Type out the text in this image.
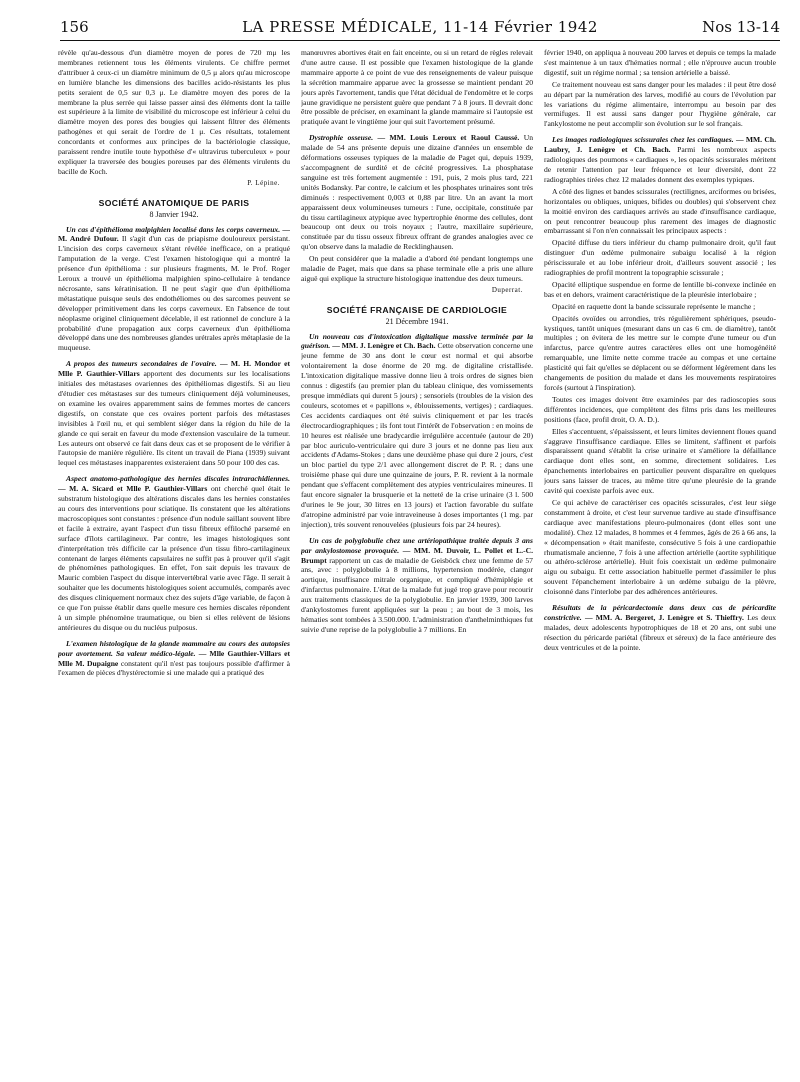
156	LA PRESSE MÉDICALE, 11-14 Février 1942	Nos 13-14

révèle qu'au-dessous d'un diamètre moyen de pores de 720 mμ les membranes retiennent tous les éléments virulents. Ce chiffre permet d'attribuer à ceux-ci un diamètre minimum de 0,5 μ alors qu'au microscope en lumière blanche les dimensions des bacilles acido-résistants les plus petits seraient de 0,5 sur 0,3 μ. Le diamètre moyen des pores de la membrane la plus serrée qui laisse passer ainsi des éléments dont la taille est supérieure à la limite de visibilité du microscope est inférieur à celui du diamètre moyen des pores des bougies qui laissent filtrer des éléments pathogènes et qui serait de l'ordre de 1 μ. Ces résultats, totalement concordants et conformes aux principes de la bactériologie classique, paraissent rendre inutile toute hypothèse d'« ultravirus tuberculeux » pour expliquer la traversée des bougies poreuses par des éléments virulents du bacille de Koch.

P. Lépine.
SOCIÉTÉ ANATOMIQUE DE PARIS
8 Janvier 1942.

Un cas d'épithélioma malpighien localisé dans les corps caverneux. — M. André Dufour. Il s'agit d'un cas de priapisme douloureux persistant. L'incision des corps caverneux s'étant révélée inefficace, on a pratiqué l'amputation de la verge. C'est l'examen histologique qui a montré la présence d'un épithélioma : sur plusieurs fragments, M. le Prof. Roger Leroux a trouvé un épithélioma malpighien spino-cellulaire à tendance nécrosante, sans kératinisation. Il ne peut s'agir que d'un épithélioma métastatique puisque seuls des endothéliomes ou des sarcomes peuvent se développer primitivement dans les corps caverneux. En l'absence de tout néoplasme originel cliniquement décelable, il est rationnel de conclure à la probabilité d'une propagation aux corps caverneux d'un épithélioma développé dans une des nombreuses glandes urétrales après métaplasie de la muqueuse.

A propos des tumeurs secondaires de l'ovaire. — M. H. Mondor et Mlle P. Gauthier-Villars apportent des documents sur les localisations initiales des métastases ovariennes des épithéliomas digestifs. Si au lieu d'étudier ces métastases sur des tumeurs cliniquement déjà volumineuses, on examine les ovaires apparemment sains de femmes mortes de cancers digestifs, on constate que ces ovaires portent parfois des métastases invisibles à l'œil nu, et qui semblent siéger dans la région du hile de la glande ce qui serait en faveur du mode d'extension vasculaire de la tumeur. Les auteurs ont observé ce fait dans deux cas et se proposent de le vérifier à l'autopsie de manière régulière. Ils citent un travail de Piana (1939) suivant lequel ces métastases inapparentes existeraient dans 50 pour 100 des cas.

Aspect anatomo-pathologique des hernies discales intrarachidiennes. — M. A. Sicard et Mlle P. Gauthier-Villars ont cherché quel était le substratum histologique des altérations discales dans les hernies constatées au cours des interventions pour sciatique. Ils constatent que les altérations macroscopiques sont constantes : présence d'un nodule saillant souvent libre et facile à extraire, ayant l'aspect d'un tissu fibreux effiloché parsemé en surface d'îlots cartilagineux. Par contre, les images histologiques sont d'interprétation très difficile car la présence d'un tissu fibro-cartilagineux contenant de larges éléments capsulaires ne suffit pas à prouver qu'il s'agit de phénomènes pathologiques. En effet, l'on sait depuis les travaux de Mauric combien l'aspect du disque intervertébral varie avec l'âge. Il serait à souhaiter que les documents histologiques soient accumulés, comparés avec des disques cliniquement normaux chez des sujets d'âge variable, de façon à ce que l'on puisse établir dans quelle mesure ces hernies discales répondent à un simple phénomène traumatique, ou bien si elles relèvent de lésions antérieures du disque ou du nucléus pulposus.

L'examen histologique de la glande mammaire au cours des autopsies pour avortement. Sa valeur médico-légale. — Mlle Gauthier-Villars et Mlle M. Dupaigne constatent qu'il n'est pas toujours possible d'affirmer à l'examen de pièces d'hystérectomie si une malade qui a pratiqué des

manœuvres abortives était en fait enceinte, ou si un retard de règles relevait d'une autre cause. Il est possible que l'examen histologique de la glande mammaire apporte à ce point de vue des renseignements de valeur puisque la sécrétion mammaire apparue avec la grossesse se maintient pendant 20 jours après l'avortement, tandis que l'état décidual de l'endomètre et le corps jaune gravidique ne persistent guère que pendant 7 à 8 jours. Il devrait donc être possible de préciser, en examinant la glande mammaire si l'autopsie est pratiquée avant le vingtième jour qui suit l'avortement présumé.

Dystrophie osseuse. — MM. Louis Leroux et Raoul Caussé. Un malade de 54 ans présente depuis une dizaine d'années un ensemble de déformations osseuses typiques de la maladie de Paget qui, depuis 1939, s'accompagnent de surdité et de cécité progressives. La phosphatase sanguine est très fortement augmentée : 191, puis, 2 mois plus tard, 221 unités Bodansky. Par contre, le calcium et les phosphates urinaires sont très diminués : respectivement 0,003 et 0,88 par litre. Un an avant la mort apparaissent deux volumineuses tumeurs : l'une, occipitale, constituée par du tissu cartilagineux atypique avec hypertrophie énorme des cellules, dont beaucoup ont deux ou trois noyaux ; l'autre, maxillaire supérieure, constituée par du tissu osseux fibreux offrant de grandes analogies avec ce qu'on observe dans la maladie de Recklinghausen.

On peut considérer que la maladie a d'abord été pendant longtemps une maladie de Paget, mais que dans sa phase terminale elle a pris une allure aiguë qui explique la structure histologique inattendue des deux tumeurs.

Duperrat.
SOCIÉTÉ FRANÇAISE DE CARDIOLOGIE
21 Décembre 1941.

Un nouveau cas d'intoxication digitalique massive terminée par la guérison. — MM. J. Lenègre et Ch. Bach. Cette observation concerne une jeune femme de 30 ans dont le cœur est normal et qui absorbe volontairement la dose énorme de 20 mg. de digitaline cristallisée. L'intoxication digitalique massive donne lieu à trois ordres de signes bien connus : digestifs (au premier plan du tableau clinique, des vomissements presque immédiats qui durent 5 jours) ; sensoriels (troubles de la vision des couleurs, scotomes et « papillons », éblouissements, vertiges) ; cardiaques. Ces accidents cardiaques ont été suivis cliniquement et par les tracés électrocardiographiques ; ils font tout l'intérêt de l'observation : en moins de 10 heures est réalisée une bradycardie irrégulière accentuée (autour de 20) par bloc auriculo-ventriculaire qui dure 3 jours et ne donne pas lieu aux accidents d'Adams-Stokes ; dans une deuxième phase qui dure 2 jours, c'est un bloc partiel du type 2/1 avec allongement discret de P. R. ; dans une troisième phase qui dure une quinzaine de jours, P. R. revient à la normale pendant que s'effacent complètement des atypies ventriculaires mineures. Il faut encore signaler la brusquerie et la netteté de la crise urinaire (3 l. 500 d'urines le 9e jour, 30 litres en 13 jours) et l'action favorable du sulfate d'atropine administré par voie intraveineuse à doses importantes (1 mg. par injection), très souvent renouvelées (plusieurs fois par 24 heures).

Un cas de polyglobulie chez une artériopathique traitée depuis 3 ans par ankylostomose provoquée. — MM. M. Duvoir, L. Pollet et L.-C. Brumpt rapportent un cas de maladie de Geisböck chez une femme de 57 ans, avec : polyglobulie à 8 millions, hypertension modérée, clangor aortique, insuffisance mitrale organique, et compliqué d'hémiplégie et d'infarctus pulmonaire. L'état de la malade fut jugé trop grave pour recourir aux traitements classiques de la polyglobulie. En janvier 1939, 300 larves d'ankylostomes furent appliquées sur la peau ; au bout de 3 mois, les hématies sont tombées à 3.500.000. L'administration d'anthelminthiques fut suivie d'une reprise de la polyglobulie à 7 millions. En

février 1940, on appliqua à nouveau 200 larves et depuis ce temps la malade s'est maintenue à un taux d'hématies normal ; elle n'éprouve aucun trouble digestif, suit un régime normal ; sa tension artérielle a baissé.

Ce traitement nouveau est sans danger pour les malades : il peut être dosé au départ par la numération des larves, modifié au cours de l'évolution par les variations du régime alimentaire, interrompu au besoin par des vermifuges. Il est aussi sans danger pour l'hygiène générale, car l'ankylostome ne peut accomplir son évolution sur le sol français.

Les images radiologiques scissurales chez les cardiaques. — MM. Ch. Laubry, J. Lenègre et Ch. Bach. Parmi les nombreux aspects radiologiques des poumons « cardiaques », les opacités scissurales méritent de retenir l'attention par leur fréquence et leur diversité, dont 22 radiographies tirées chez 12 malades donnent des exemples typiques.

A côté des lignes et bandes scissurales (rectilignes, arciformes ou brisées, horizontales ou obliques, uniques, bifides ou doubles) qui s'observent chez la moitié environ des cardiaques arrivés au stade d'insuffisance cardiaque, on peut rencontrer beaucoup plus rarement des images de diagnostic embarrassant si l'on n'en connaissait les principaux aspects :

Opacité diffuse du tiers inférieur du champ pulmonaire droit, qu'il faut distinguer d'un œdème pulmonaire subaigu localisé à la région périscissurale et au lobe inférieur droit, d'ailleurs souvent associé ; les radiographies de profil montrent la topographie scissurale ;

Opacité elliptique suspendue en forme de lentille bi-convexe inclinée en bas et en dehors, vraiment caractéristique de la pleurésie interlobaire ;

Opacité en raquette dont la bande scissurale représente le manche ;

Opacités ovoïdes ou arrondies, très régulièrement sphériques, pseudo-kystiques, tantôt uniques (mesurant dans un cas 6 cm. de diamètre), tantôt multiples ; on évitera de les mettre sur le compte d'une tumeur ou d'un infarctus, parce qu'entre autres caractères elles ont une homogénéité remarquable, une limite nette comme tracée au compas et une certaine plasticité qui fait qu'elles se déplacent ou se déforment légèrement dans les changements de position du malade et dans les mouvements respiratoires forcés (surtout à l'inspiration).

Toutes ces images doivent être examinées par des radioscopies sous différentes incidences, que complètent des films pris dans les meilleures positions (face, profil droit, O. A. D.).

Elles s'accentuent, s'épaississent, et leurs limites deviennent floues quand s'aggrave l'insuffisance cardiaque. Elles se limitent, s'affinent et parfois disparaissent quand s'établit la crise urinaire et s'améliore la défaillance cardiaque dont elles sont, en somme, directement solidaires. Les épanchements interlobaires en particulier peuvent disparaître en quelques jours sans laisser de traces, au même titre qu'une pleurésie de la grande cavité qui coexiste parfois avec eux.

Ce qui achève de caractériser ces opacités scissurales, c'est leur siège constamment à droite, et c'est leur survenue tardive au stade d'insuffisance cardiaque avec manifestations pleuro-pulmonaires (dont elles sont une modalité). Chez 12 malades, 8 hommes et 4 femmes, âgés de 26 à 66 ans, la « décompensation » était manifeste, consécutive 5 fois à une cardiopathie rhumatismale ancienne, 7 fois à une affection artérielle (aortite syphilitique ou athéro-sclérose artérielle). Huit fois coexistait un œdème pulmonaire aigu ou subaigu. Et cette association habituelle permet d'assimiler le plus souvent l'épanchement interlobaire à un œdème subaigu de la plèvre, cloisonné dans l'interlobe par des adhérences antérieures.

Résultats de la péricardectomie dans deux cas de péricardite constrictive. — MM. A. Bergeret, J. Lenègre et S. Thieffry. Les deux malades, deux adolescents hypotrophiques de 18 et 20 ans, ont subi une résection du péricarde pariétal (fibreux et séreux) de la face antérieure des deux ventricules et de la pointe.
